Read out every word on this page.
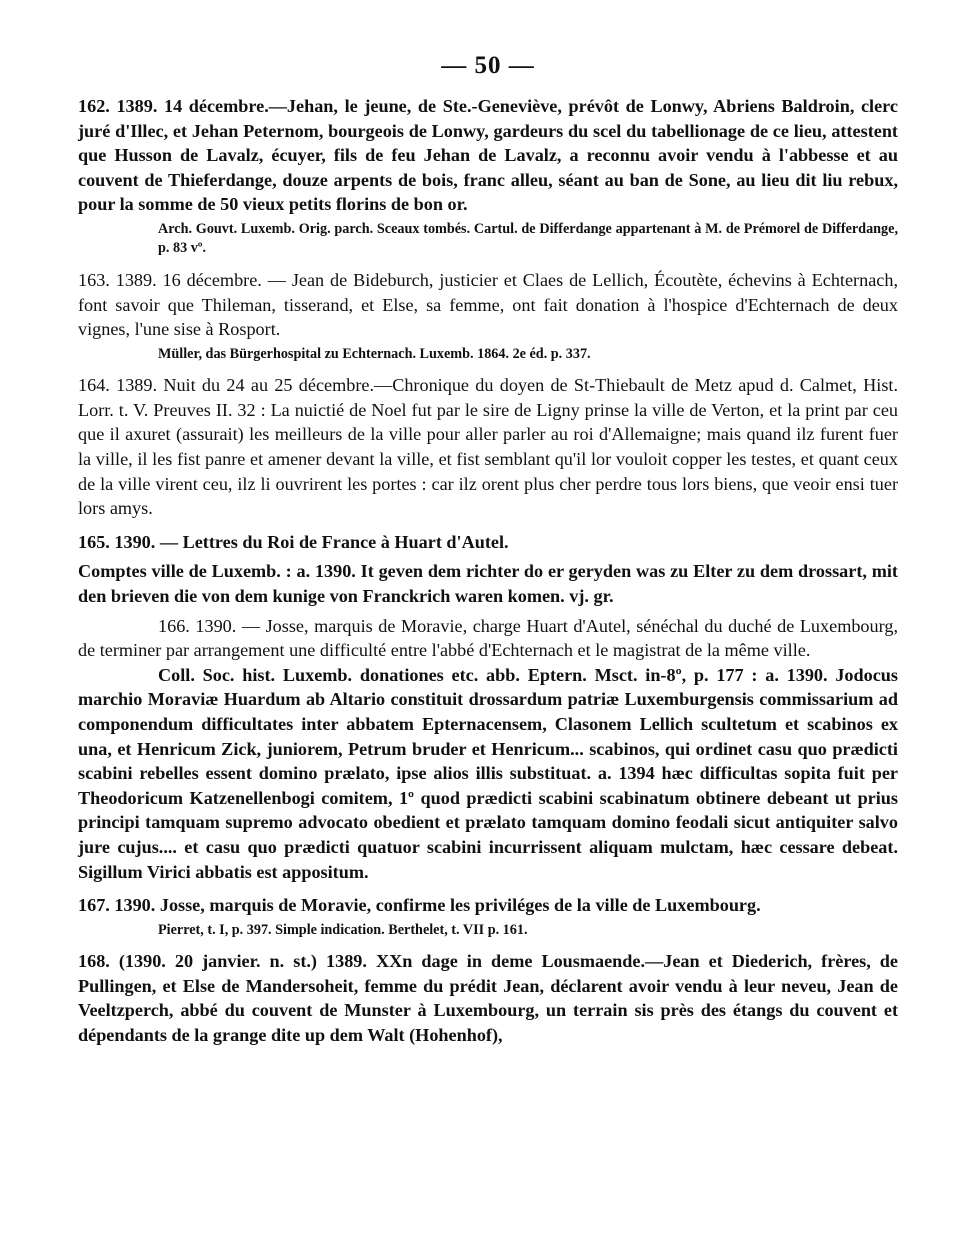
— 50 —

162. 1389. 14 décembre.—Jehan, le jeune, de Ste.-Geneviève, prévôt de Lonwy, Abriens Baldroin, clerc juré d'Illec, et Jehan Peternom, bourgeois de Lonwy, gardeurs du scel du tabellionage de ce lieu, attestent que Husson de Lavalz, écuyer, fils de feu Jehan de Lavalz, a reconnu avoir vendu à l'abbesse et au couvent de Thieferdange, douze arpents de bois, franc alleu, séant au ban de Sone, au lieu dit liu rebux, pour la somme de 50 vieux petits florins de bon or.

Arch. Gouvt. Luxemb. Orig. parch. Sceaux tombés. Cartul. de Differdange appartenant à M. de Prémorel de Differdange, p. 83 vº.

163. 1389. 16 décembre. — Jean de Bideburch, justicier et Claes de Lellich, Écoutète, échevins à Echternach, font savoir que Thileman, tisserand, et Else, sa femme, ont fait donation à l'hospice d'Echternach de deux vignes, l'une sise à Rosport.

Müller, das Bürgerhospital zu Echternach. Luxemb. 1864. 2e éd. p. 337.

164. 1389. Nuit du 24 au 25 décembre.—Chronique du doyen de St-Thiebault de Metz apud d. Calmet, Hist. Lorr. t. V. Preuves II. 32 : La nuictié de Noel fut par le sire de Ligny prinse la ville de Verton, et la print par ceu que il axuret (assurait) les meilleurs de la ville pour aller parler au roi d'Allemaigne; mais quand ilz furent fuer la ville, il les fist panre et amener devant la ville, et fist semblant qu'il lor vouloit copper les testes, et quant ceux de la ville virent ceu, ilz li ouvrirent les portes : car ilz orent plus cher perdre tous lors biens, que veoir ensi tuer lors amys.

165. 1390. — Lettres du Roi de France à Huart d'Autel.

Comptes ville de Luxemb. : a. 1390. It geven dem richter do er geryden was zu Elter zu dem drossart, mit den brieven die von dem kunige von Franckrich waren komen. vj. gr.

166. 1390. — Josse, marquis de Moravie, charge Huart d'Autel, sénéchal du duché de Luxembourg, de terminer par arrangement une difficulté entre l'abbé d'Echternach et le magistrat de la même ville.

Coll. Soc. hist. Luxemb. donationes etc. abb. Eptern. Msct. in-8º, p. 177 : a. 1390. Jodocus marchio Moraviæ Huardum ab Altario constituit drossardum patriæ Luxemburgensis commissarium ad componendum difficultates inter abbatem Epternacensem, Clasonem Lellich scultetum et scabinos ex una, et Henricum Zick, juniorem, Petrum bruder et Henricum... scabinos, qui ordinet casu quo prædicti scabini rebelles essent domino prælato, ipse alios illis substituat. a. 1394 hæc difficultas sopita fuit per Theodoricum Katzenellenbogi comitem, 1º quod prædicti scabini scabinatum obtinere debeant ut prius principi tamquam supremo advocato obedient et prælato tamquam domino feodali sicut antiquiter salvo jure cujus.... et casu quo prædicti quatuor scabini incurrissent aliquam mulctam, hæc cessare debeat. Sigillum Virici abbatis est appositum.

167. 1390. Josse, marquis de Moravie, confirme les priviléges de la ville de Luxembourg.

Pierret, t. I, p. 397. Simple indication. Berthelet, t. VII p. 161.

168. (1390. 20 janvier. n. st.) 1389. XXn dage in deme Lousmaende.—Jean et Diederich, frères, de Pullingen, et Else de Mandersoheit, femme du prédit Jean, déclarent avoir vendu à leur neveu, Jean de Veeltzperch, abbé du couvent de Munster à Luxembourg, un terrain sis près des étangs du couvent et dépendants de la grange dite up dem Walt (Hohenhof),
